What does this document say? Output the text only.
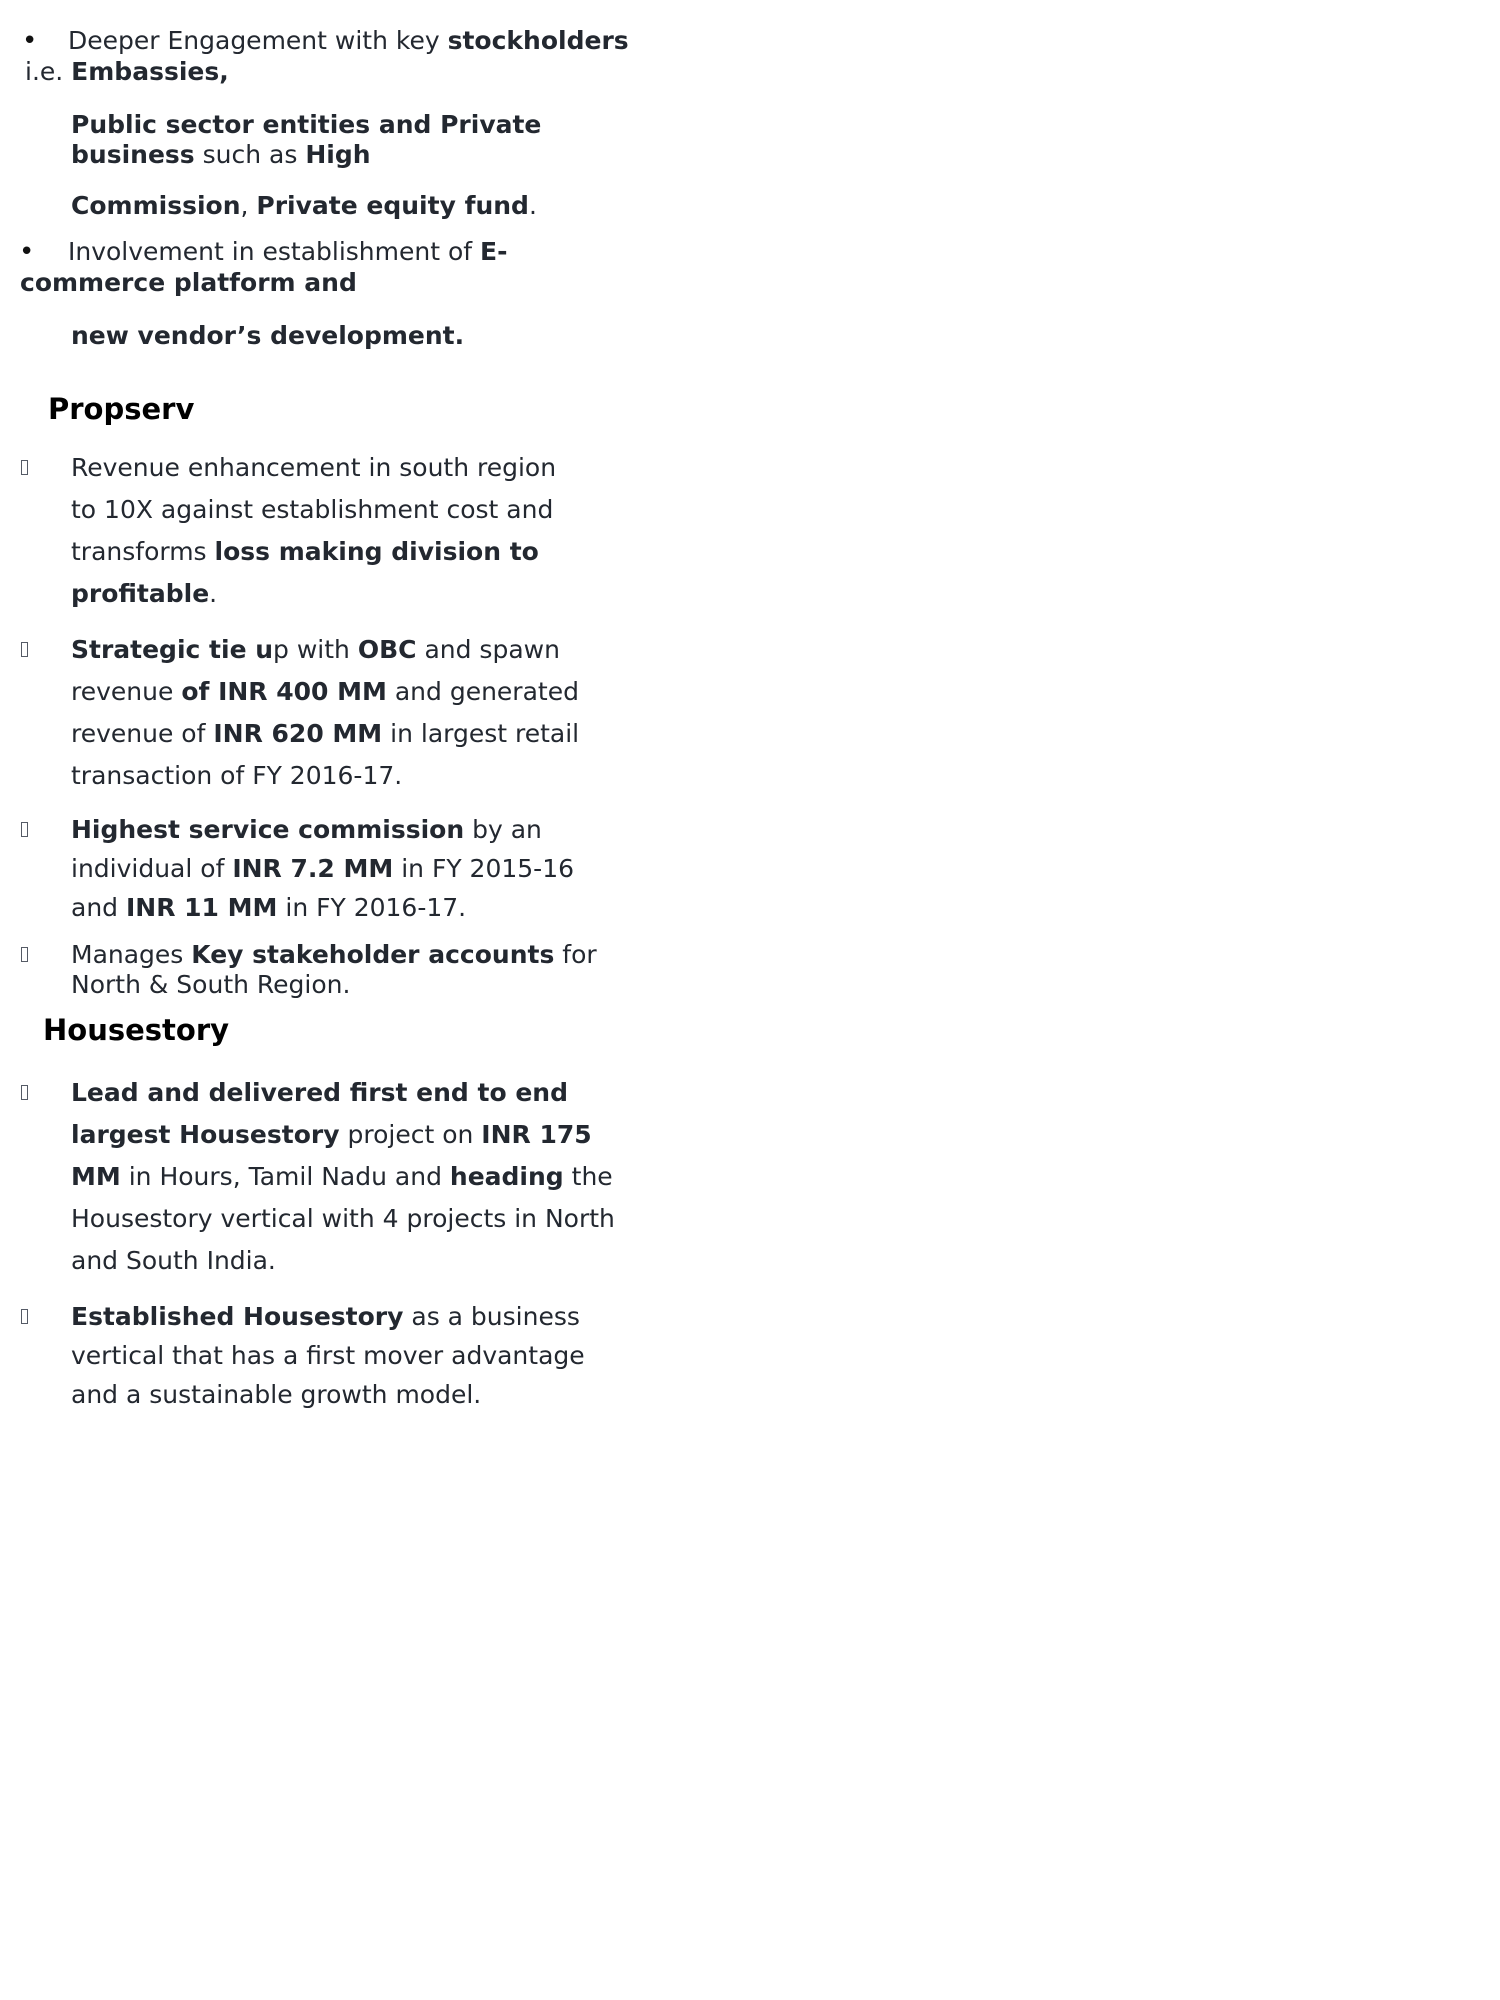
• Deeper Engagement with key stockholders
i.e. Embassies,
Public sector entities and Private
business such as High
Commission, Private equity fund.
• Involvement in establishment of E-
commerce platform and
new vendor’s development.
Propserv
Revenue enhancement in south region
to 10X against establishment cost and
transforms loss making division to
profitable.
Strategic tie up with OBC and spawn
revenue of INR 400 MM and generated
revenue of INR 620 MM in largest retail
transaction of FY 2016-17.
Highest service commission by an
individual of INR 7.2 MM in FY 2015-16
and INR 11 MM in FY 2016-17.
Manages Key stakeholder accounts for
North & South Region.
Housestory
Lead and delivered first end to end
largest Housestory project on INR 175
MM in Hours, Tamil Nadu and heading the
Housestory vertical with 4 projects in North
and South India.
Established Housestory as a business
vertical that has a first mover advantage
and a sustainable growth model.
